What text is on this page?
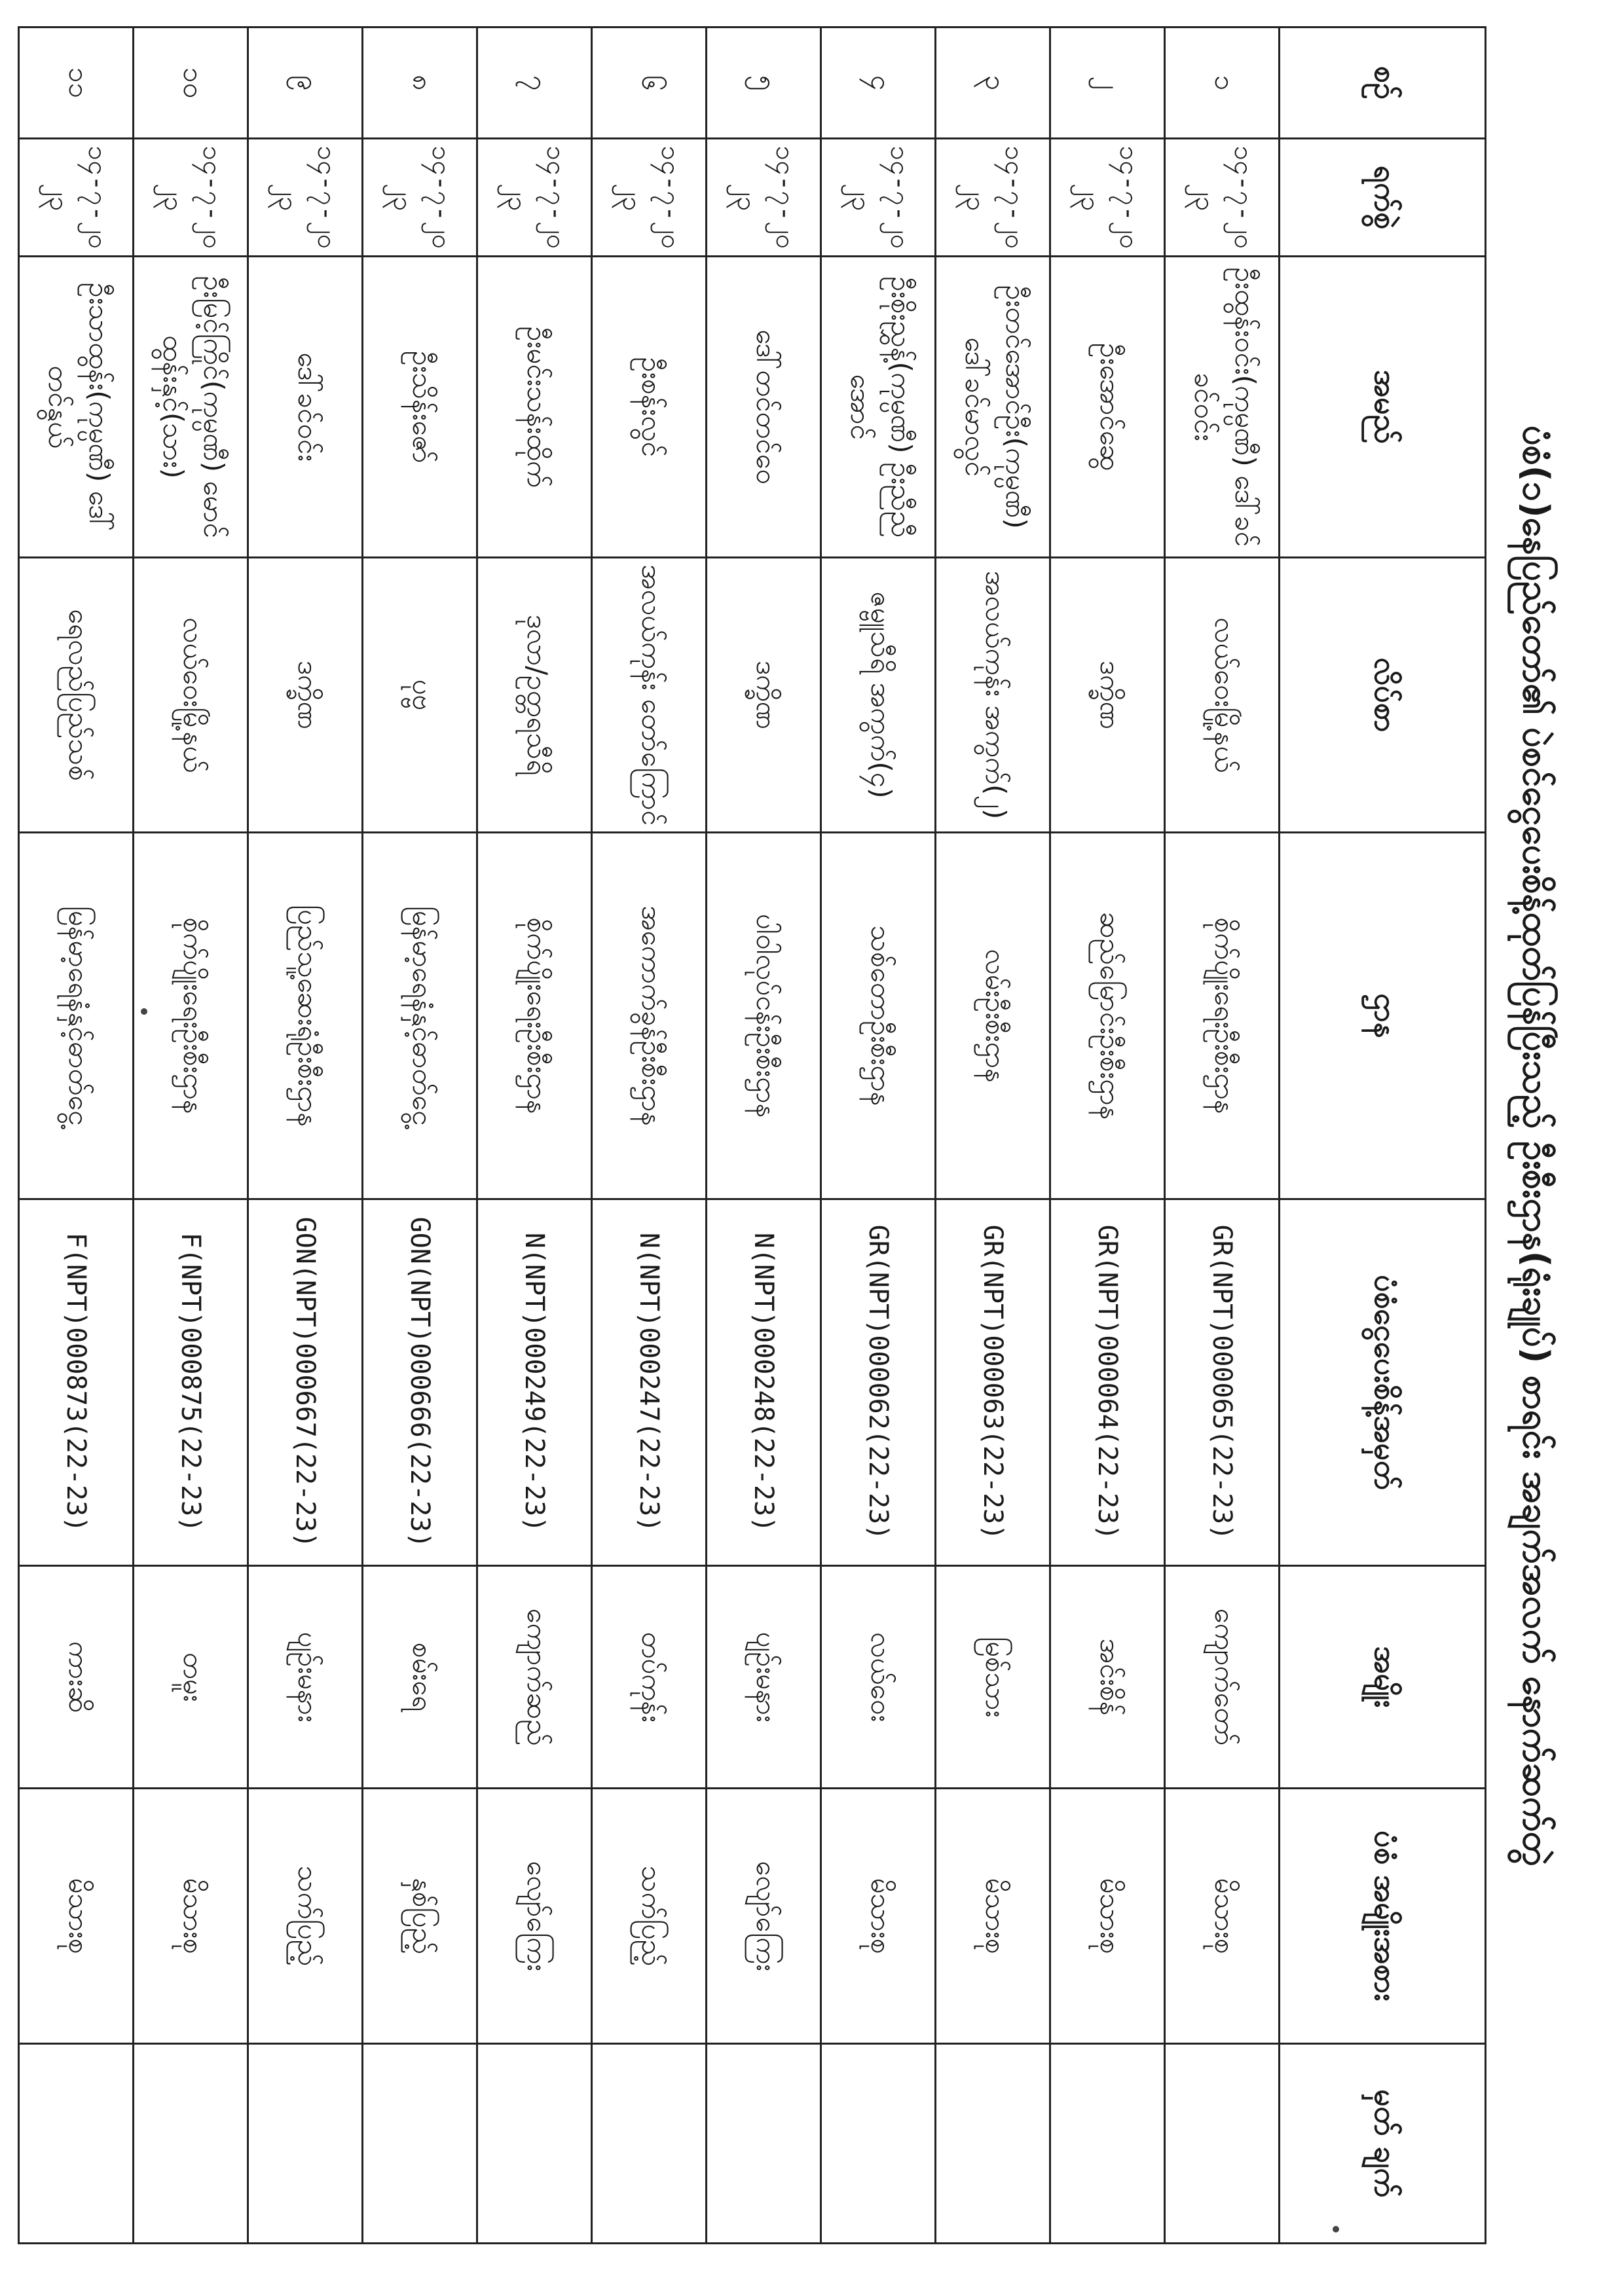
ပံစံ(၁)နေပြည်တော်၏ ပဲစင်ငွေပေးစိန့်ထုတ်ပြန်ပြီးသည့် ဦးစီးဌာန(ရုံးချုပ်) စာရင်း အချက်အလက် နောက်ဆက်တွဲ
စဉ်	ရက်စွဲ	အမည်	လိပ်စာ	ဌာန	ပံစံငွေပေးစိန့်အမှတ်	အမျိုး	ပံစံ အမျိုးအစား	မှတ် ချက်
၁	၁၄-၇-၂၀၂၃	ဦးထွန်းဝင်း(ကုမ္ပဏီ) ဒေါ်ခင်ခင်ဝင်း	လယ်ဝေးမြို့နယ်	စိုက်ပျိုးရေးဦးစီးဌာန	GR(NPT)000065(22-23)	ကျောက်တော်	မိသားစု	
၂	၁၄-၇-၂၀၂၃	ဦးအောင်ဆွေ	ဒက္ခိဏ	ဆည်မြောင်းဦးစီးဌာန	GR(NPT)000064(22-23)	အင်းစိန်	မိသားစု	
၃	၁၄-၇-၂၀၂၃	ဦးတင်အောင်ဦး(ကုမ္ပဏီ) ဒေါ်ခင်မာလွင်	အလယ်ကုန်း အကွက်(၂)	လမ်းဦးစီးဌာန	GR(NPT)000063(22-23)	မြစ်သား	မိသားစု	
၄	၁၄-၇-၂၀၂၃	ဦးစိုးညွှန့်(ကုမ္ပဏီ) ဦးညီညီအောင်	ဇမ္ဗူသီရိ အကွက်(၄)	သစ်တောဦးစီးဌာန	GR(NPT)000062(22-23)	လယ်ဝေး	မိသားစု	
၅	၁၄-၇-၂၀၂၃	ဒေါ်တင်တင်ဝေ	ဒက္ခိဏ	ပါဝါလုပ်ငန်းဦးစီးဌာန	N(NPT)000248(22-23)	ပျဉ်းမနား	လျော်ကြေး	
၆	၁၄-၇-၂၀၂၃	ဦးစန်းလွင်	အလယ်ကုန်း တော်ကြောင်	အကောက်ခွန်ဦးစီးဌာန	N(NPT)000247(22-23)	တပ်ကုန်း	သက်ပြည့်	
၇	၁၄-၇-၂၀၂၃	ဦးမင်းသန်းထိုက်	ဒုလာ/ဥတ္တရသီရိ	စိုက်ပျိုးရေးဦးစီးဌာန	N(NPT)000249(22-23)	ကျောက်ဆည်	လျော်ကြေး	
၈	၁၄-၇-၂၀၂၃	ဦးသိန်းဇော်	ပုဗ္ဗ	မြန်မာ့ရေနံနှင့်ဓာတ်ငွေ့	GON(NPT)000666(22-23)	စမ်းရေ	နှစ်ပြည့်	
၉	၁၄-၇-၂၀၂၃	ဒေါ်ခင်ဝင်း	ဒက္ခိဏ	ပြည်သူ့ဆေးရုံဦးစီးဌာန	GON(NPT)000667(22-23)	ပျဉ်းမနား	သက်ပြည့်	
၁၀	၁၄-၇-၂၀၂၃	ဦးမြင့်ကြိုင်(ကုမ္ပဏီ) မောင်ထွန်းနှင့်(သား)	လယ်ဝေးမြို့နယ်	စိုက်ပျိုးရေးဦးစီးဌာန	F(NPT)000875(22-23)	တမူး	မိသားစု	
၁၁	၁၄-၇-၂၀၂၃	ဦးသာထွန်း(ကုမ္ပဏီ) ဒေါ်တင်နွယ်	ရေလည်ပြည်သစ်	မြန်မာ့ရေနံနှင့်ဓာတ်ငွေ့	F(NPT)000873(22-23)	ကားဆိ	မိသားစု	
